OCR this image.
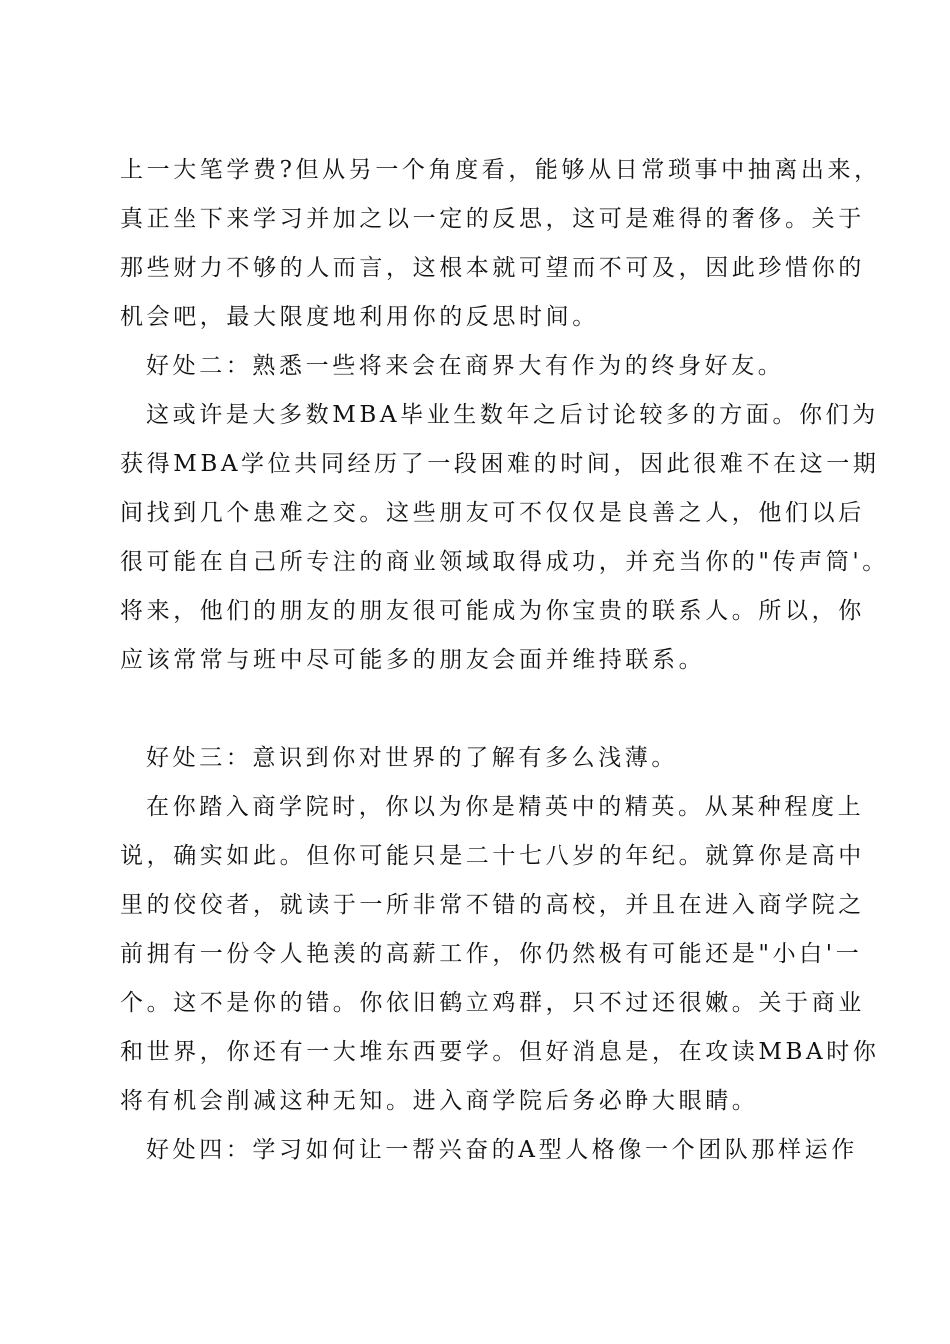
上一大笔学费?但从另一个角度看，能够从日常琐事中抽离出来，
真正坐下来学习并加之以一定的反思，这可是难得的奢侈。关于
那些财力不够的人而言，这根本就可望而不可及，因此珍惜你的
机会吧，最大限度地利用你的反思时间。
好处二：熟悉一些将来会在商界大有作为的终身好友。
这或许是大多数MBA毕业生数年之后讨论较多的方面。你们为
获得MBA学位共同经历了一段困难的时间，因此很难不在这一期
间找到几个患难之交。这些朋友可不仅仅是良善之人，他们以后
很可能在自己所专注的商业领域取得成功，并充当你的"传声筒'。
将来，他们的朋友的朋友很可能成为你宝贵的联系人。所以，你
应该常常与班中尽可能多的朋友会面并维持联系。
好处三：意识到你对世界的了解有多么浅薄。
在你踏入商学院时，你以为你是精英中的精英。从某种程度上
说，确实如此。但你可能只是二十七八岁的年纪。就算你是高中
里的佼佼者，就读于一所非常不错的高校，并且在进入商学院之
前拥有一份令人艳羡的高薪工作，你仍然极有可能还是"小白'一
个。这不是你的错。你依旧鹤立鸡群，只不过还很嫩。关于商业
和世界，你还有一大堆东西要学。但好消息是，在攻读MBA时你
将有机会削减这种无知。进入商学院后务必睁大眼睛。
好处四：学习如何让一帮兴奋的A型人格像一个团队那样运作
